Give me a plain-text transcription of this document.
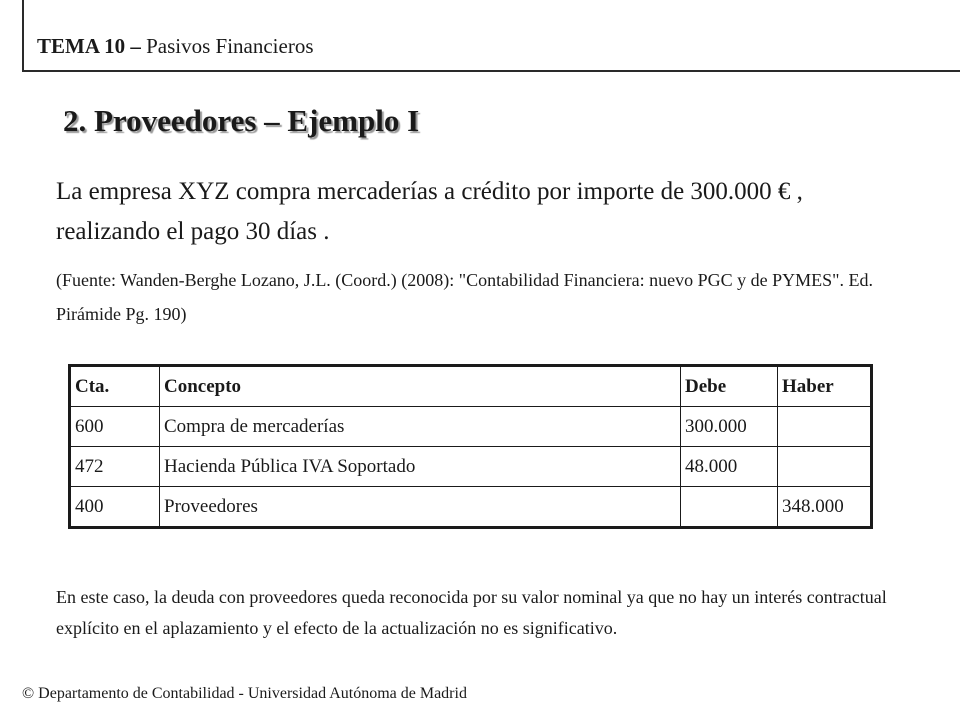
TEMA 10 – Pasivos Financieros
2. Proveedores – Ejemplo I
La empresa XYZ compra mercaderías a crédito por importe de 300.000 € , realizando el pago 30 días .
(Fuente: Wanden-Berghe Lozano, J.L. (Coord.) (2008): "Contabilidad Financiera: nuevo PGC y de PYMES". Ed. Pirámide Pg. 190)
Cta.	Concepto	Debe	Haber
600	Compra de mercaderías	300.000	
472	Hacienda Pública IVA Soportado	48.000	
400	Proveedores		348.000
En este caso, la deuda con proveedores queda reconocida por su valor nominal ya que no hay un interés contractual explícito en el aplazamiento y el efecto de la actualización no es significativo.
© Departamento de Contabilidad - Universidad Autónoma de Madrid
